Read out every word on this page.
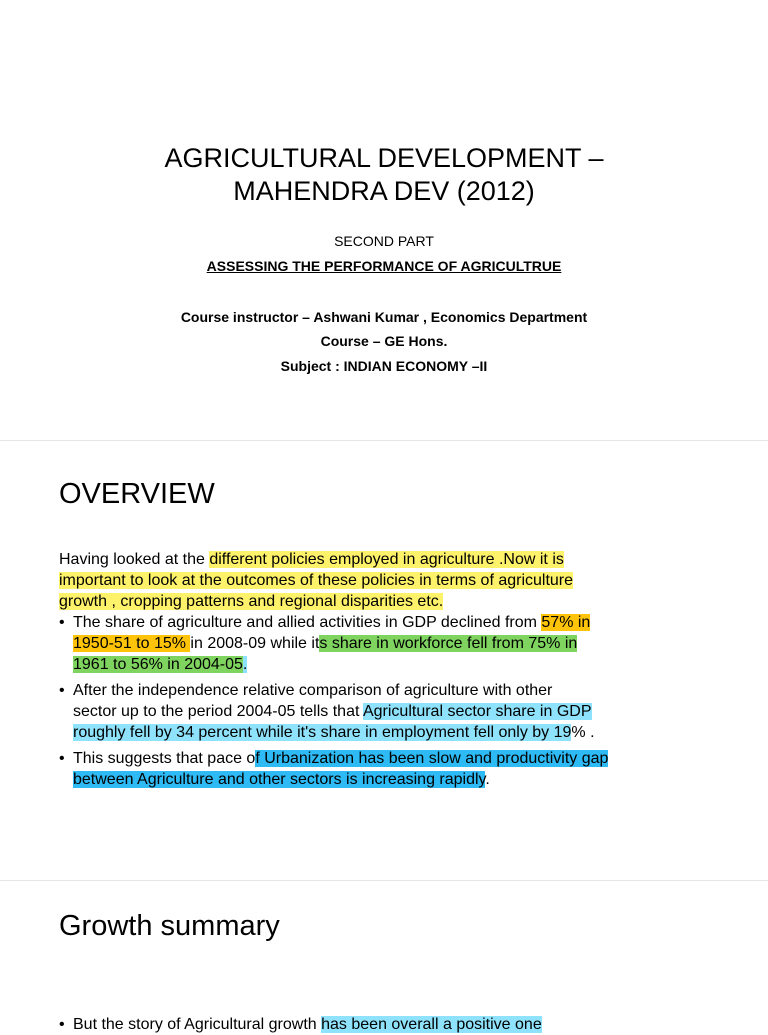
AGRICULTURAL DEVELOPMENT –
MAHENDRA DEV (2012)
SECOND PART
ASSESSING THE PERFORMANCE OF AGRICULTRUE
Course instructor – Ashwani Kumar , Economics Department
Course – GE Hons.
Subject : INDIAN ECONOMY –II
OVERVIEW
Having looked at the different policies employed in agriculture .Now it is
important to look at the outcomes of these policies in terms of agriculture
growth , cropping patterns and regional disparities etc.
• The share of agriculture and allied activities in GDP declined from 57% in
1950-51 to 15% in 2008-09 while its share in workforce fell from 75% in
1961 to 56% in 2004-05.
• After the independence relative comparison of agriculture with other
sector up to the period 2004-05 tells that Agricultural sector share in GDP
roughly fell by 34 percent while it's share in employment fell only by 19% .
• This suggests that pace of Urbanization has been slow and productivity gap
between Agriculture and other sectors is increasing rapidly.
Growth summary
• But the story of Agricultural growth has been overall a positive one
